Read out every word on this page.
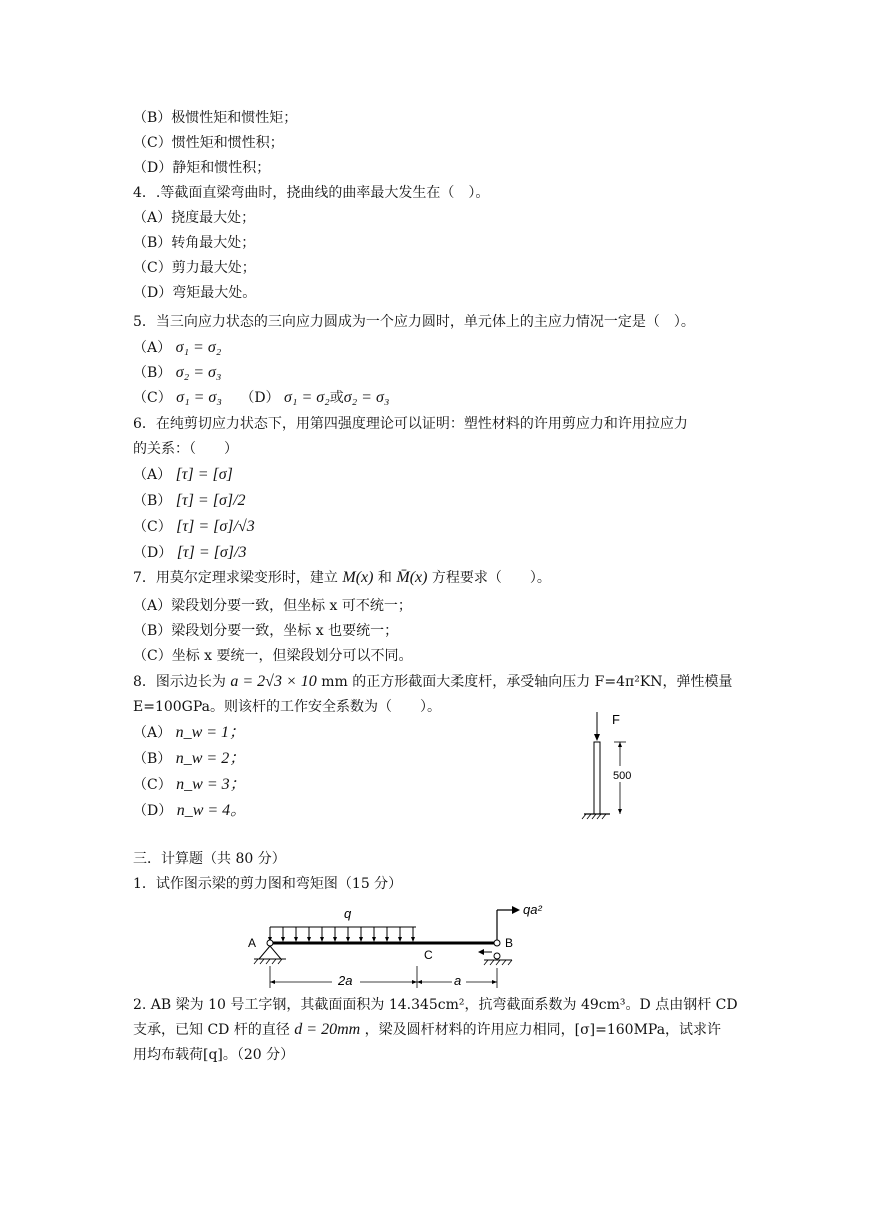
（B）极惯性矩和惯性矩；
（C）惯性矩和惯性积；
（D）静矩和惯性积；
4．.等截面直梁弯曲时，挠曲线的曲率最大发生在（　）。
（A）挠度最大处；
（B）转角最大处；
（C）剪力最大处；
（D）弯矩最大处。
5．当三向应力状态的三向应力圆成为一个应力圆时，单元体上的主应力情况一定是（　）。
（A） σ₁ = σ₂
（B） σ₂ = σ₃
（C） σ₁ = σ₃ （D） σ₁ = σ₂或σ₂ = σ₃
6．在纯剪切应力状态下，用第四强度理论可以证明：塑性材料的许用剪应力和许用拉应力
的关系：（　　）
（A） [τ] = [σ]
（B） [τ] = [σ]/2
（C） [τ] = [σ]/√3
（D） [τ] = [σ]/3
7．用莫尔定理求梁变形时，建立 M(x) 和 M̄(x) 方程要求（　　）。
（A）梁段划分要一致，但坐标 x 可不统一；
（B）梁段划分要一致，坐标 x 也要统一；
（C）坐标 x 要统一，但梁段划分可以不同。
8．图示边长为 a = 2√3 × 10 mm 的正方形截面大柔度杆，承受轴向压力 F=4π²KN，弹性模量
E=100GPa。则该杆的工作安全系数为（　　）。
（A） n_w = 1；
（B） n_w = 2；
（C） n_w = 3；
（D） n_w = 4。
F
500
三．计算题（共 80 分）
1．试作图示梁的剪力图和弯矩图（15 分）
q
A
C
B
qa²
2a	a
2. AB 梁为 10 号工字钢，其截面面积为 14.345cm²，抗弯截面系数为 49cm³。D 点由钢杆 CD
支承，已知 CD 杆的直径 d = 20mm ，梁及圆杆材料的许用应力相同，[σ]=160MPa，试求许
用均布载荷[q]。（20 分）
